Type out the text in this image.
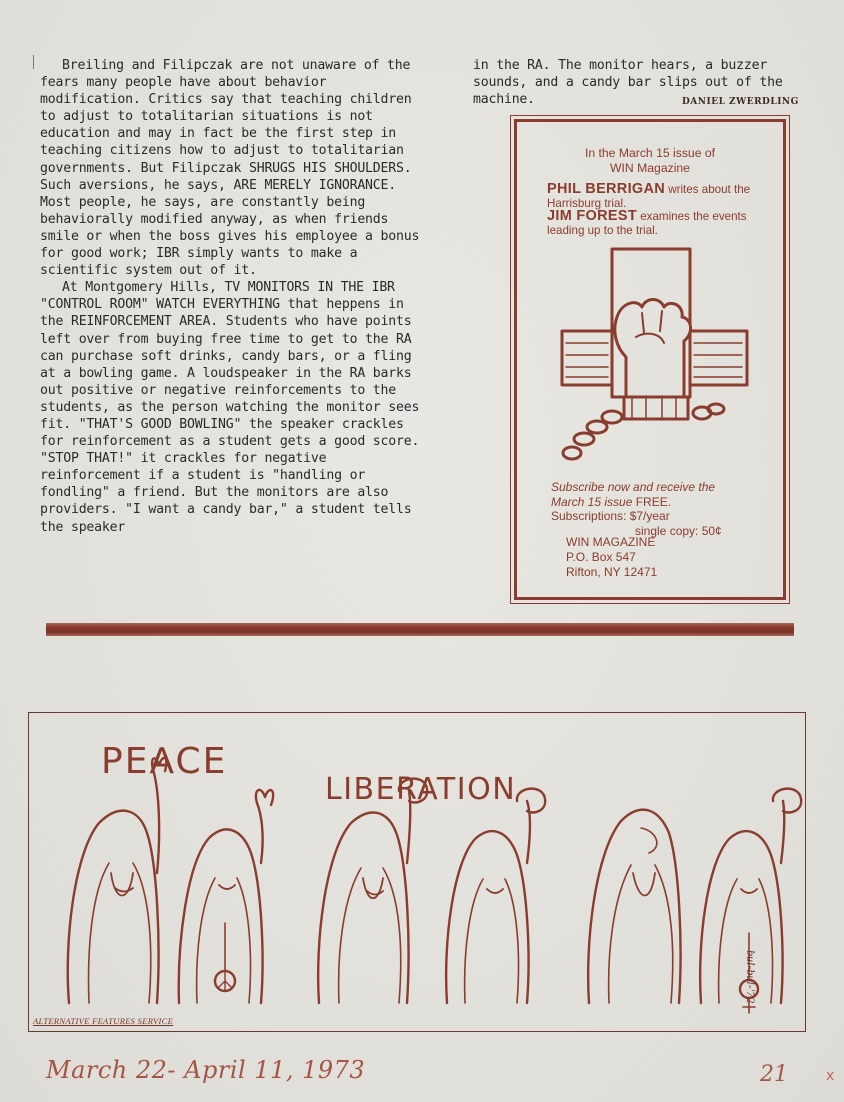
Breiling and Filipczak are not unaware of the fears many people have about behavior modification. Critics say that teaching children to adjust to totalitarian situations is not education and may in fact be the first step in teaching citizens how to adjust to totalitarian governments. But Filipczak SHRUGS HIS SHOULDERS. Such aversions, he says, ARE MERELY IGNORANCE. Most people, he says, are constantly being behaviorally modified anyway, as when friends smile or when the boss gives his employee a bonus for good work; IBR simply wants to make a scientific system out of it.

At Montgomery Hills, TV MONITORS IN THE IBR "CONTROL ROOM" WATCH EVERYTHING that heppens in the REINFORCEMENT AREA. Students who have points left over from buying free time to get to the RA can purchase soft drinks, candy bars, or a fling at a bowling game. A loudspeaker in the RA barks out positive or negative reinforcements to the students, as the person watching the monitor sees fit. "THAT'S GOOD BOWLING" the speaker crackles for reinforcement as a student gets a good score. "STOP THAT!" it crackles for negative reinforcement if a student is "handling or fondling" a friend. But the monitors are also providers. "I want a candy bar," a student tells the speaker

in the RA. The monitor hears, a buzzer sounds, and a candy bar slips out of the machine.	DANIEL ZWERDLING
In the March 15 issue of
WIN Magazine
PHIL BERRIGAN writes about the Harrisburg trial.
JIM FOREST examines the events leading up to the trial.
Subscribe now and receive the
March 15 issue FREE.
Subscriptions: $7/year
single copy: 50¢
WIN MAGAZINE
P.O. Box 547
Rifton, NY 12471
PEACE
LIBERATION
ALTERNATIVE FEATURES SERVICE
bul-bul-'72
March 22- April 11, 1973	21	x
